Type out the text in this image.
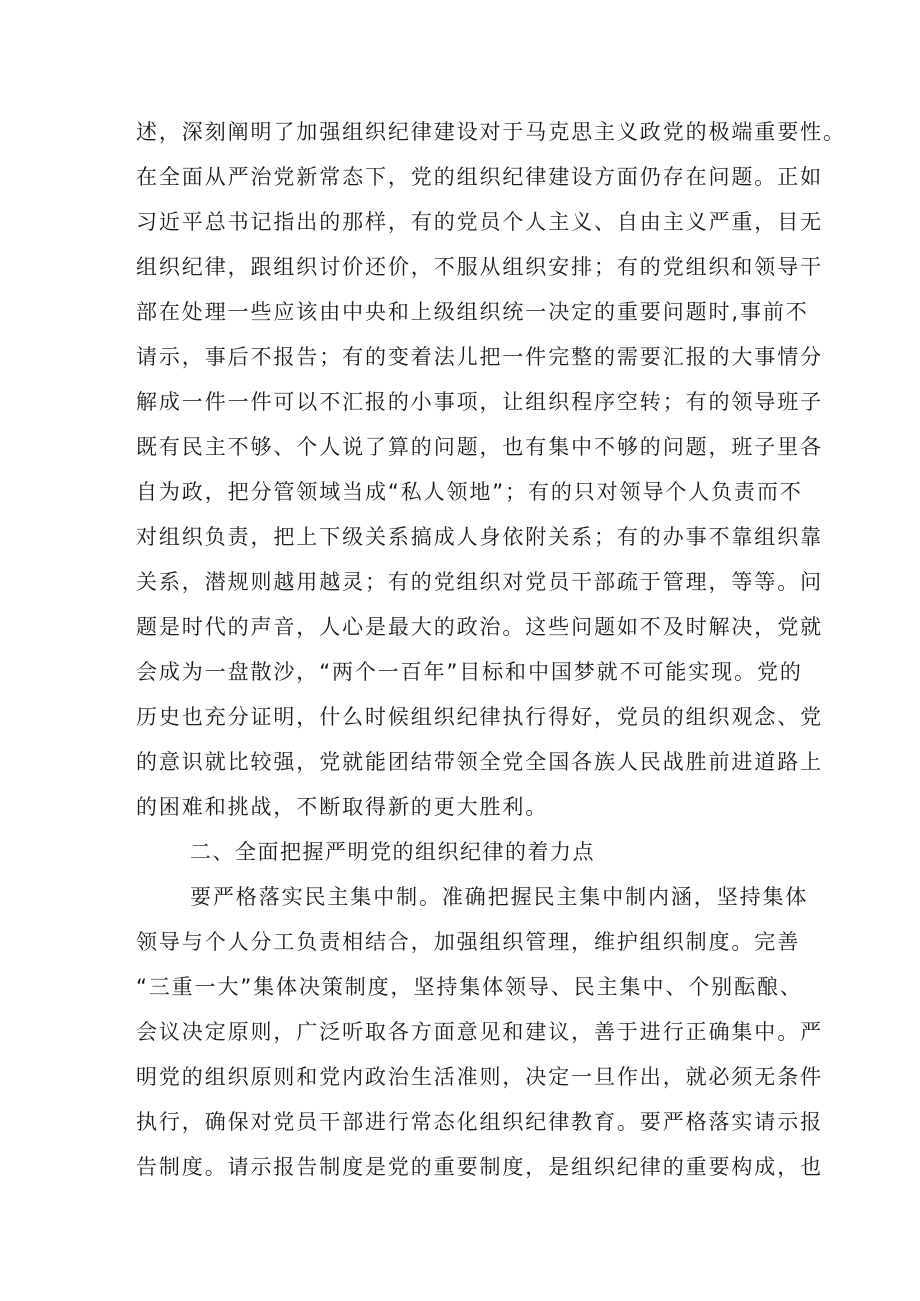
述，深刻阐明了加强组织纪律建设对于马克思主义政党的极端重要性。
在全面从严治党新常态下，党的组织纪律建设方面仍存在问题。正如
习近平总书记指出的那样，有的党员个人主义、自由主义严重，目无
组织纪律，跟组织讨价还价，不服从组织安排；有的党组织和领导干
部在处理一些应该由中央和上级组织统一决定的重要问题时,事前不
请示，事后不报告；有的变着法儿把一件完整的需要汇报的大事情分
解成一件一件可以不汇报的小事项，让组织程序空转；有的领导班子
既有民主不够、个人说了算的问题，也有集中不够的问题，班子里各
自为政，把分管领域当成“私人领地”；有的只对领导个人负责而不
对组织负责，把上下级关系搞成人身依附关系；有的办事不靠组织靠
关系，潜规则越用越灵；有的党组织对党员干部疏于管理，等等。问
题是时代的声音，人心是最大的政治。这些问题如不及时解决，党就
会成为一盘散沙，“两个一百年”目标和中国梦就不可能实现。党的
历史也充分证明，什么时候组织纪律执行得好，党员的组织观念、党
的意识就比较强，党就能团结带领全党全国各族人民战胜前进道路上
的困难和挑战，不断取得新的更大胜利。
二、全面把握严明党的组织纪律的着力点
要严格落实民主集中制。准确把握民主集中制内涵，坚持集体
领导与个人分工负责相结合，加强组织管理，维护组织制度。完善
“三重一大”集体决策制度，坚持集体领导、民主集中、个别酝酿、
会议决定原则，广泛听取各方面意见和建议，善于进行正确集中。严
明党的组织原则和党内政治生活准则，决定一旦作出，就必须无条件
执行，确保对党员干部进行常态化组织纪律教育。要严格落实请示报
告制度。请示报告制度是党的重要制度，是组织纪律的重要构成，也
